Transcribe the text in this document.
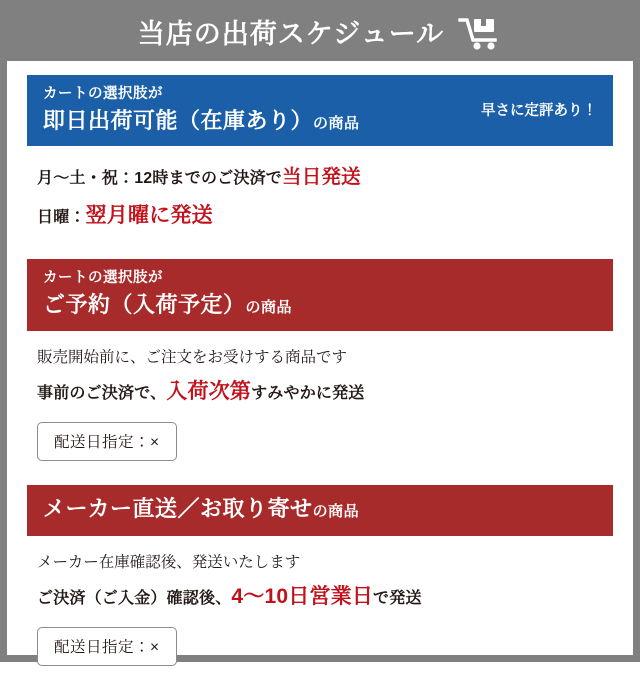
当店の出荷スケジュール
カートの選択肢が
即日出荷可能（在庫あり）の商品
早さに定評あり！
月～土・祝：12時までのご決済で当日発送
日曜：翌月曜に発送
カートの選択肢が
ご予約（入荷予定）の商品
販売開始前に、ご注文をお受けする商品です
事前のご決済で、入荷次第すみやかに発送
配送日指定：×
メーカー直送／お取り寄せの商品
メーカー在庫確認後、発送いたします
ご決済（ご入金）確認後、4～10日営業日で発送
配送日指定：×
